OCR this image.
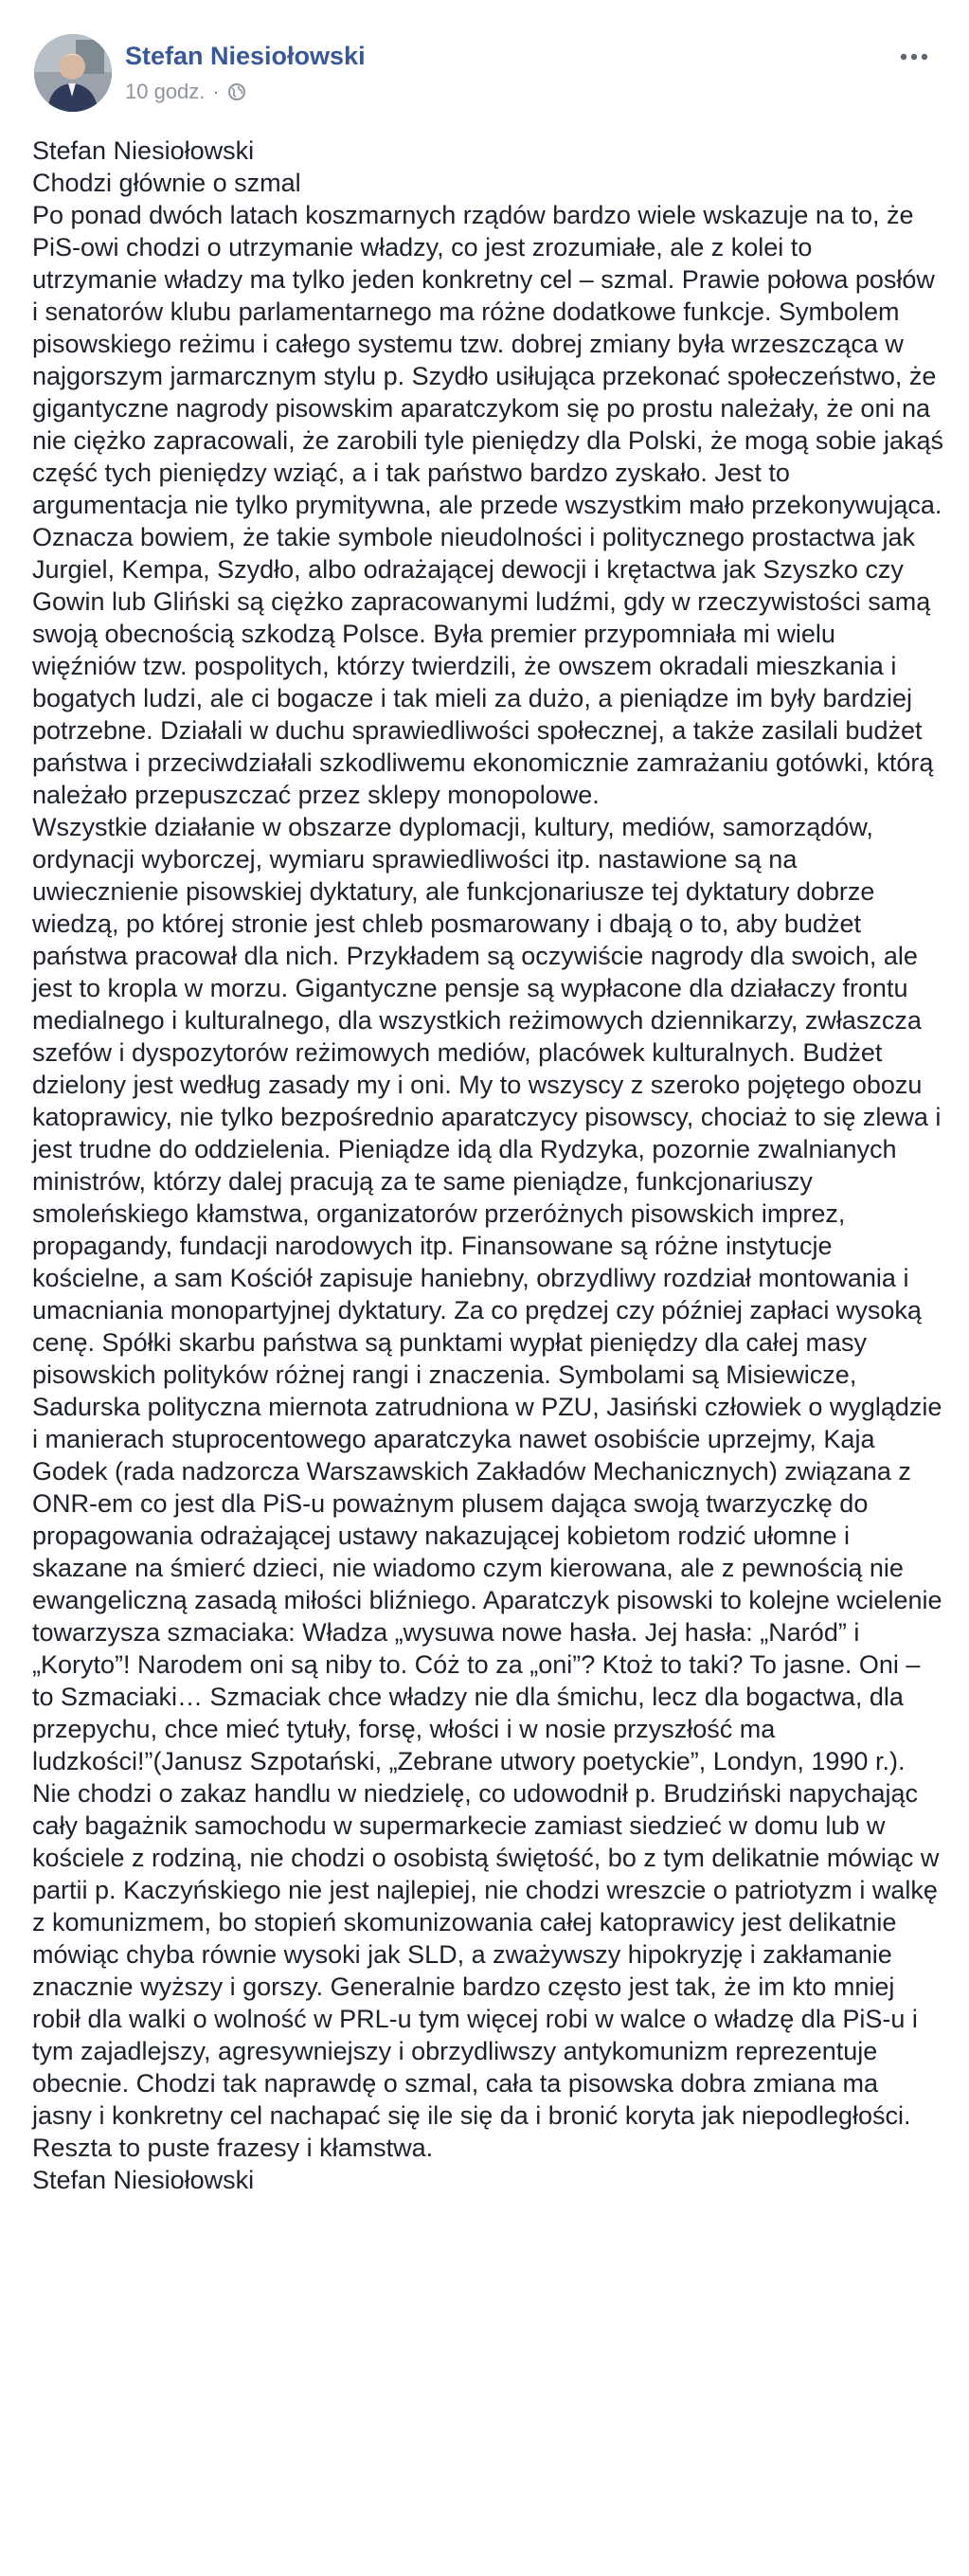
Stefan Niesiołowski
10 godz. ·

Stefan Niesiołowski

Chodzi głównie o szmal

Po ponad dwóch latach koszmarnych rządów bardzo wiele wskazuje na to, że PiS-owi chodzi o utrzymanie władzy, co jest zrozumiałe, ale z kolei to utrzymanie władzy ma tylko jeden konkretny cel – szmal. Prawie połowa posłów i senatorów klubu parlamentarnego ma różne dodatkowe funkcje. Symbolem pisowskiego reżimu i całego systemu tzw. dobrej zmiany była wrzeszcząca w najgorszym jarmarcznym stylu p. Szydło usiłująca przekonać społeczeństwo, że gigantyczne nagrody pisowskim aparatczykom się po prostu należały, że oni na nie ciężko zapracowali, że zarobili tyle pieniędzy dla Polski, że mogą sobie jakąś część tych pieniędzy wziąć, a i tak państwo bardzo zyskało. Jest to argumentacja nie tylko prymitywna, ale przede wszystkim mało przekonywująca. Oznacza bowiem, że takie symbole nieudolności i politycznego prostactwa jak Jurgiel, Kempa, Szydło, albo odrażającej dewocji i krętactwa jak Szyszko czy Gowin lub Gliński są ciężko zapracowanymi ludźmi, gdy w rzeczywistości samą swoją obecnością szkodzą Polsce. Była premier przypomniała mi wielu więźniów tzw. pospolitych, którzy twierdzili, że owszem okradali mieszkania i bogatych ludzi, ale ci bogacze i tak mieli za dużo, a pieniądze im były bardziej potrzebne. Działali w duchu sprawiedliwości społecznej, a także zasilali budżet państwa i przeciwdziałali szkodliwemu ekonomicznie zamrażaniu gotówki, którą należało przepuszczać przez sklepy monopolowe.

Wszystkie działanie w obszarze dyplomacji, kultury, mediów, samorządów, ordynacji wyborczej, wymiaru sprawiedliwości itp. nastawione są na uwiecznienie pisowskiej dyktatury, ale funkcjonariusze tej dyktatury dobrze wiedzą, po której stronie jest chleb posmarowany i dbają o to, aby budżet państwa pracował dla nich. Przykładem są oczywiście nagrody dla swoich, ale jest to kropla w morzu. Gigantyczne pensje są wypłacone dla działaczy frontu medialnego i kulturalnego, dla wszystkich reżimowych dziennikarzy, zwłaszcza szefów i dyspozytorów reżimowych mediów, placówek kulturalnych. Budżet dzielony jest według zasady my i oni. My to wszyscy z szeroko pojętego obozu katoprawicy, nie tylko bezpośrednio aparatczycy pisowscy, chociaż to się zlewa i jest trudne do oddzielenia. Pieniądze idą dla Rydzyka, pozornie zwalnianych ministrów, którzy dalej pracują za te same pieniądze, funkcjonariuszy smoleńskiego kłamstwa, organizatorów przeróżnych pisowskich imprez, propagandy, fundacji narodowych itp. Finansowane są różne instytucje kościelne, a sam Kościół zapisuje haniebny, obrzydliwy rozdział montowania i umacniania monopartyjnej dyktatury. Za co prędzej czy później zapłaci wysoką cenę. Spółki skarbu państwa są punktami wypłat pieniędzy dla całej masy pisowskich polityków różnej rangi i znaczenia. Symbolami są Misiewicze, Sadurska polityczna miernota zatrudniona w PZU, Jasiński człowiek o wyglądzie i manierach stuprocentowego aparatczyka nawet osobiście uprzejmy, Kaja Godek (rada nadzorcza Warszawskich Zakładów Mechanicznych) związana z ONR-em co jest dla PiS-u poważnym plusem dająca swoją twarzyczkę do propagowania odrażającej ustawy nakazującej kobietom rodzić ułomne i skazane na śmierć dzieci, nie wiadomo czym kierowana, ale z pewnością nie ewangeliczną zasadą miłości bliźniego. Aparatczyk pisowski to kolejne wcielenie towarzysza szmaciaka: Władza „wysuwa nowe hasła. Jej hasła: „Naród” i „Koryto”! Narodem oni są niby to. Cóż to za „oni”? Ktoż to taki? To jasne. Oni – to Szmaciaki… Szmaciak chce władzy nie dla śmichu, lecz dla bogactwa, dla przepychu, chce mieć tytuły, forsę, włości i w nosie przyszłość ma ludzkości!”(Janusz Szpotański, „Zebrane utwory poetyckie”, Londyn, 1990 r.).

Nie chodzi o zakaz handlu w niedzielę, co udowodnił p. Brudziński napychając cały bagażnik samochodu w supermarkecie zamiast siedzieć w domu lub w kościele z rodziną, nie chodzi o osobistą świętość, bo z tym delikatnie mówiąc w partii p. Kaczyńskiego nie jest najlepiej, nie chodzi wreszcie o patriotyzm i walkę z komunizmem, bo stopień skomunizowania całej katoprawicy jest delikatnie mówiąc chyba równie wysoki jak SLD, a zważywszy hipokryzję i zakłamanie znacznie wyższy i gorszy. Generalnie bardzo często jest tak, że im kto mniej robił dla walki o wolność w PRL-u tym więcej robi w walce o władzę dla PiS-u i tym zajadlejszy, agresywniejszy i obrzydliwszy antykomunizm reprezentuje obecnie. Chodzi tak naprawdę o szmal, cała ta pisowska dobra zmiana ma jasny i konkretny cel nachapać się ile się da i bronić koryta jak niepodległości. Reszta to puste frazesy i kłamstwa.

Stefan Niesiołowski
